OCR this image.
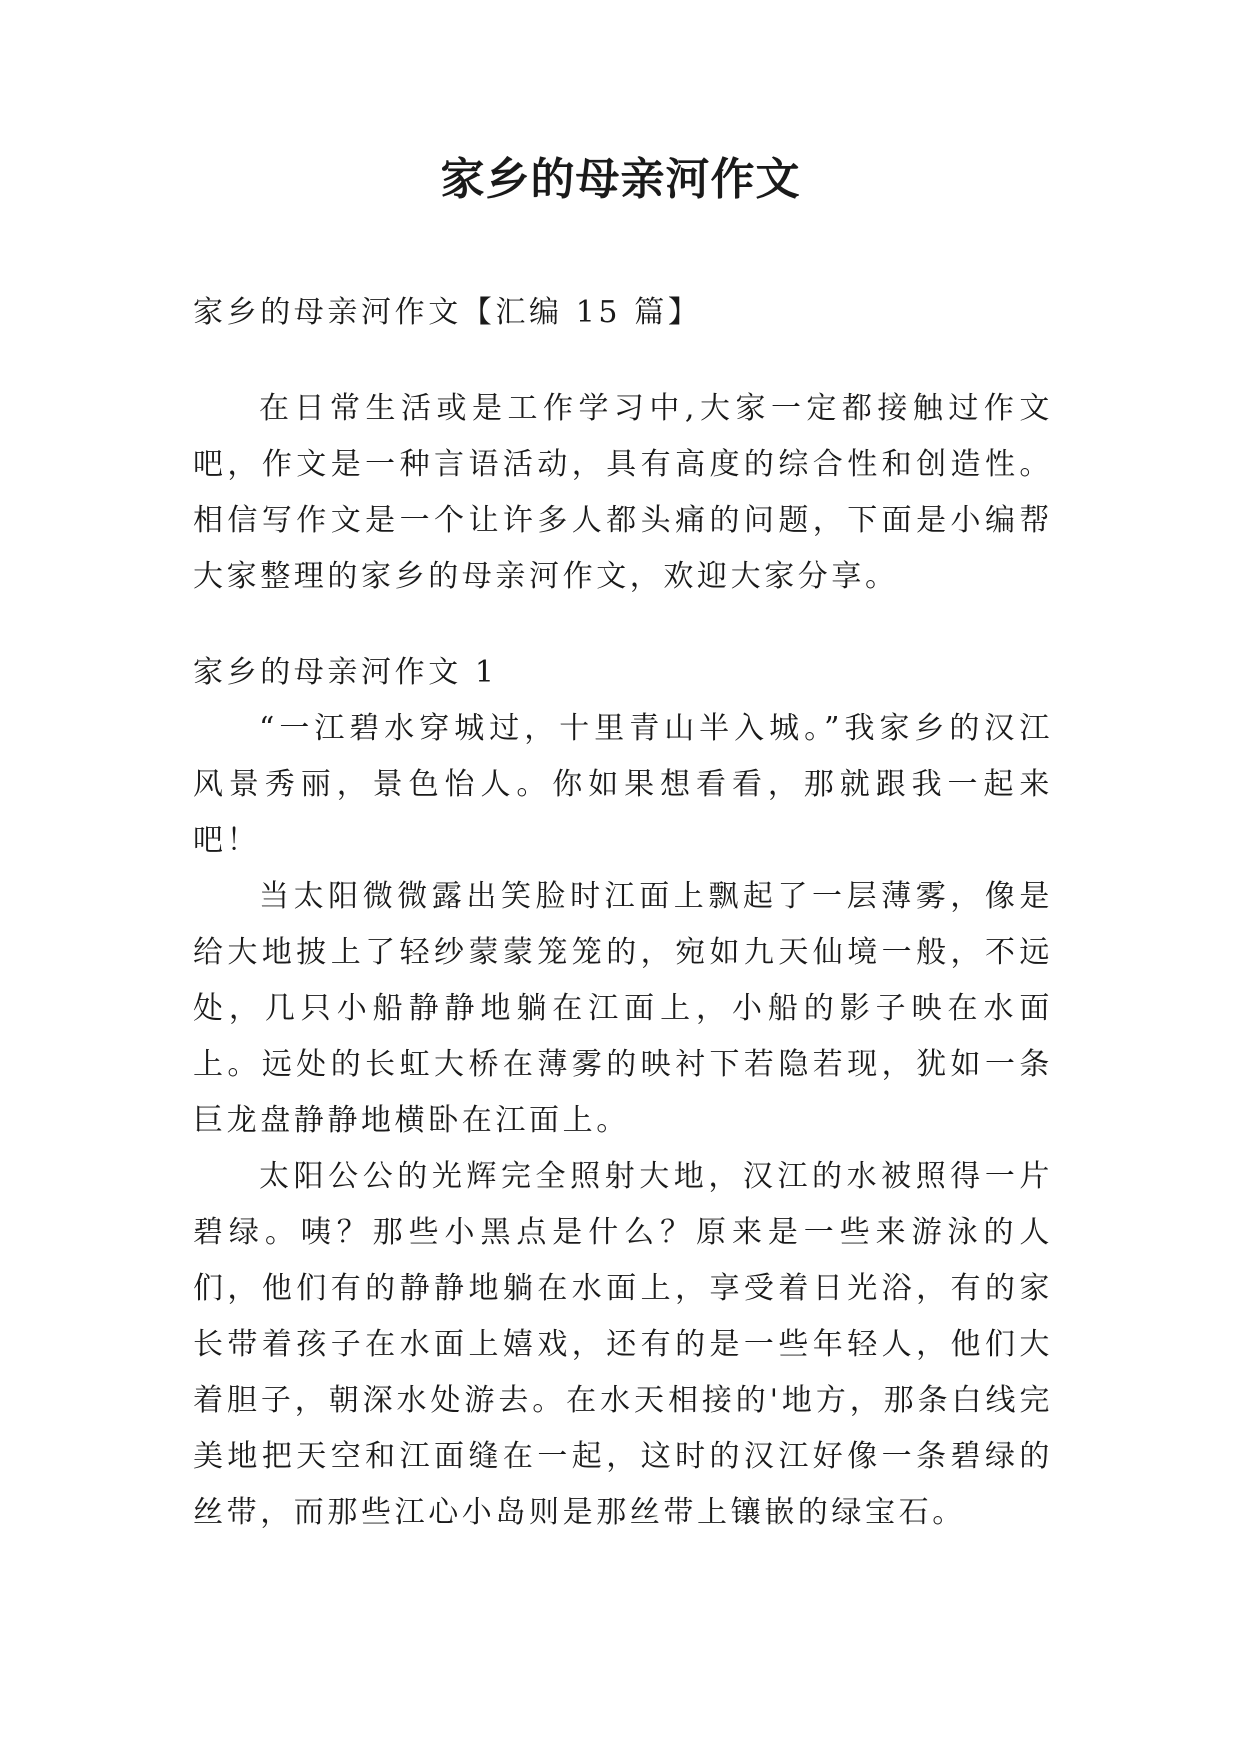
家乡的母亲河作文

家乡的母亲河作文【汇编 15 篇】

在日常生活或是工作学习中,大家一定都接触过作文吧，作文是一种言语活动，具有高度的综合性和创造性。相信写作文是一个让许多人都头痛的问题，下面是小编帮大家整理的家乡的母亲河作文，欢迎大家分享。

家乡的母亲河作文 1

“一江碧水穿城过，十里青山半入城。”我家乡的汉江风景秀丽，景色怡人。你如果想看看，那就跟我一起来吧！

当太阳微微露出笑脸时江面上飘起了一层薄雾，像是给大地披上了轻纱蒙蒙笼笼的，宛如九天仙境一般，不远处，几只小船静静地躺在江面上，小船的影子映在水面上。远处的长虹大桥在薄雾的映衬下若隐若现，犹如一条巨龙盘静静地横卧在江面上。

太阳公公的光辉完全照射大地，汉江的水被照得一片碧绿。咦？那些小黑点是什么？原来是一些来游泳的人们，他们有的静静地躺在水面上，享受着日光浴，有的家长带着孩子在水面上嬉戏，还有的是一些年轻人，他们大着胆子，朝深水处游去。在水天相接的'地方，那条白线完美地把天空和江面缝在一起，这时的汉江好像一条碧绿的丝带，而那些江心小岛则是那丝带上镶嵌的绿宝石。
